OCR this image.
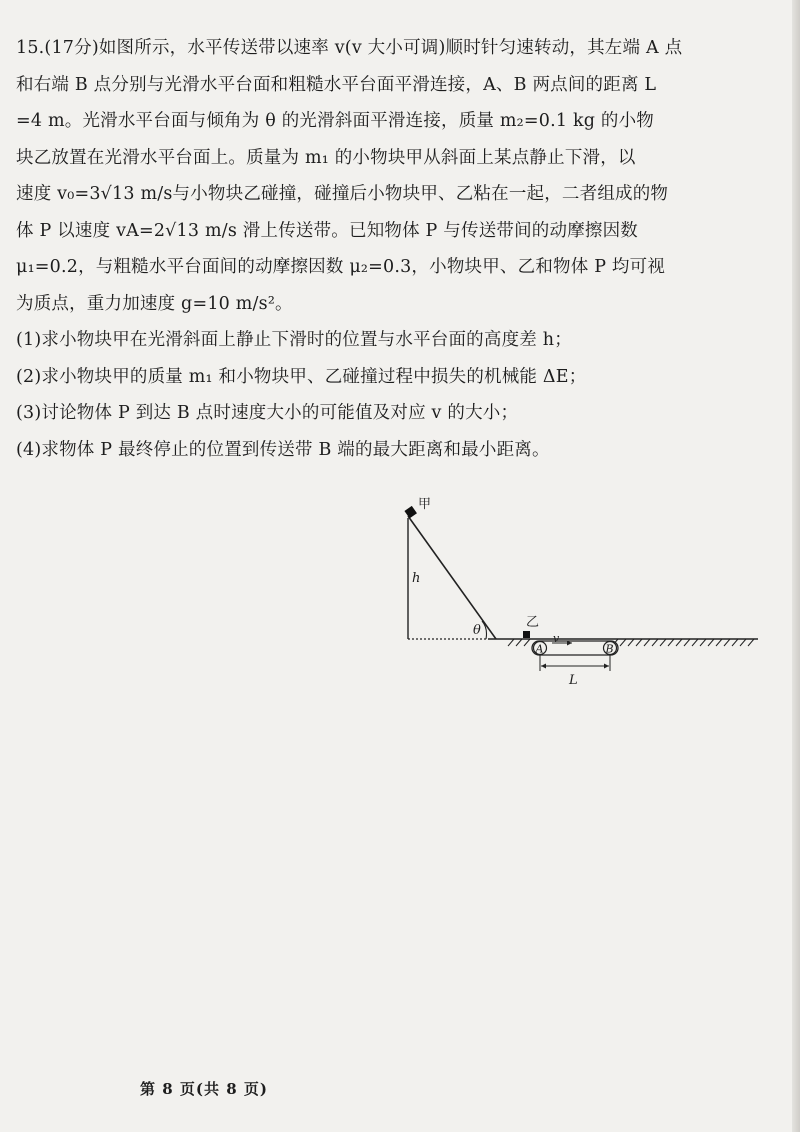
15.(17分)如图所示，水平传送带以速率 v(v 大小可调)顺时针匀速转动，其左端 A 点

和右端 B 点分别与光滑水平台面和粗糙水平台面平滑连接，A、B 两点间的距离 L

=4 m。光滑水平台面与倾角为 θ 的光滑斜面平滑连接，质量 m₂=0.1 kg 的小物

块乙放置在光滑水平台面上。质量为 m₁ 的小物块甲从斜面上某点静止下滑，以

速度 v₀=3√13 m/s与小物块乙碰撞，碰撞后小物块甲、乙粘在一起，二者组成的物

体 P 以速度 vA=2√13 m/s 滑上传送带。已知物体 P 与传送带间的动摩擦因数

μ₁=0.2，与粗糙水平台面间的动摩擦因数 μ₂=0.3，小物块甲、乙和物体 P 均可视

为质点，重力加速度 g=10 m/s²。

(1)求小物块甲在光滑斜面上静止下滑时的位置与水平台面的高度差 h；

(2)求小物块甲的质量 m₁ 和小物块甲、乙碰撞过程中损失的机械能 ΔE；

(3)讨论物体 P 到达 B 点时速度大小的可能值及对应 v 的大小；

(4)求物体 P 最终停止的位置到传送带 B 端的最大距离和最小距离。

甲
h
θ
乙
A	B
v
L
第 8 页(共 8 页)
